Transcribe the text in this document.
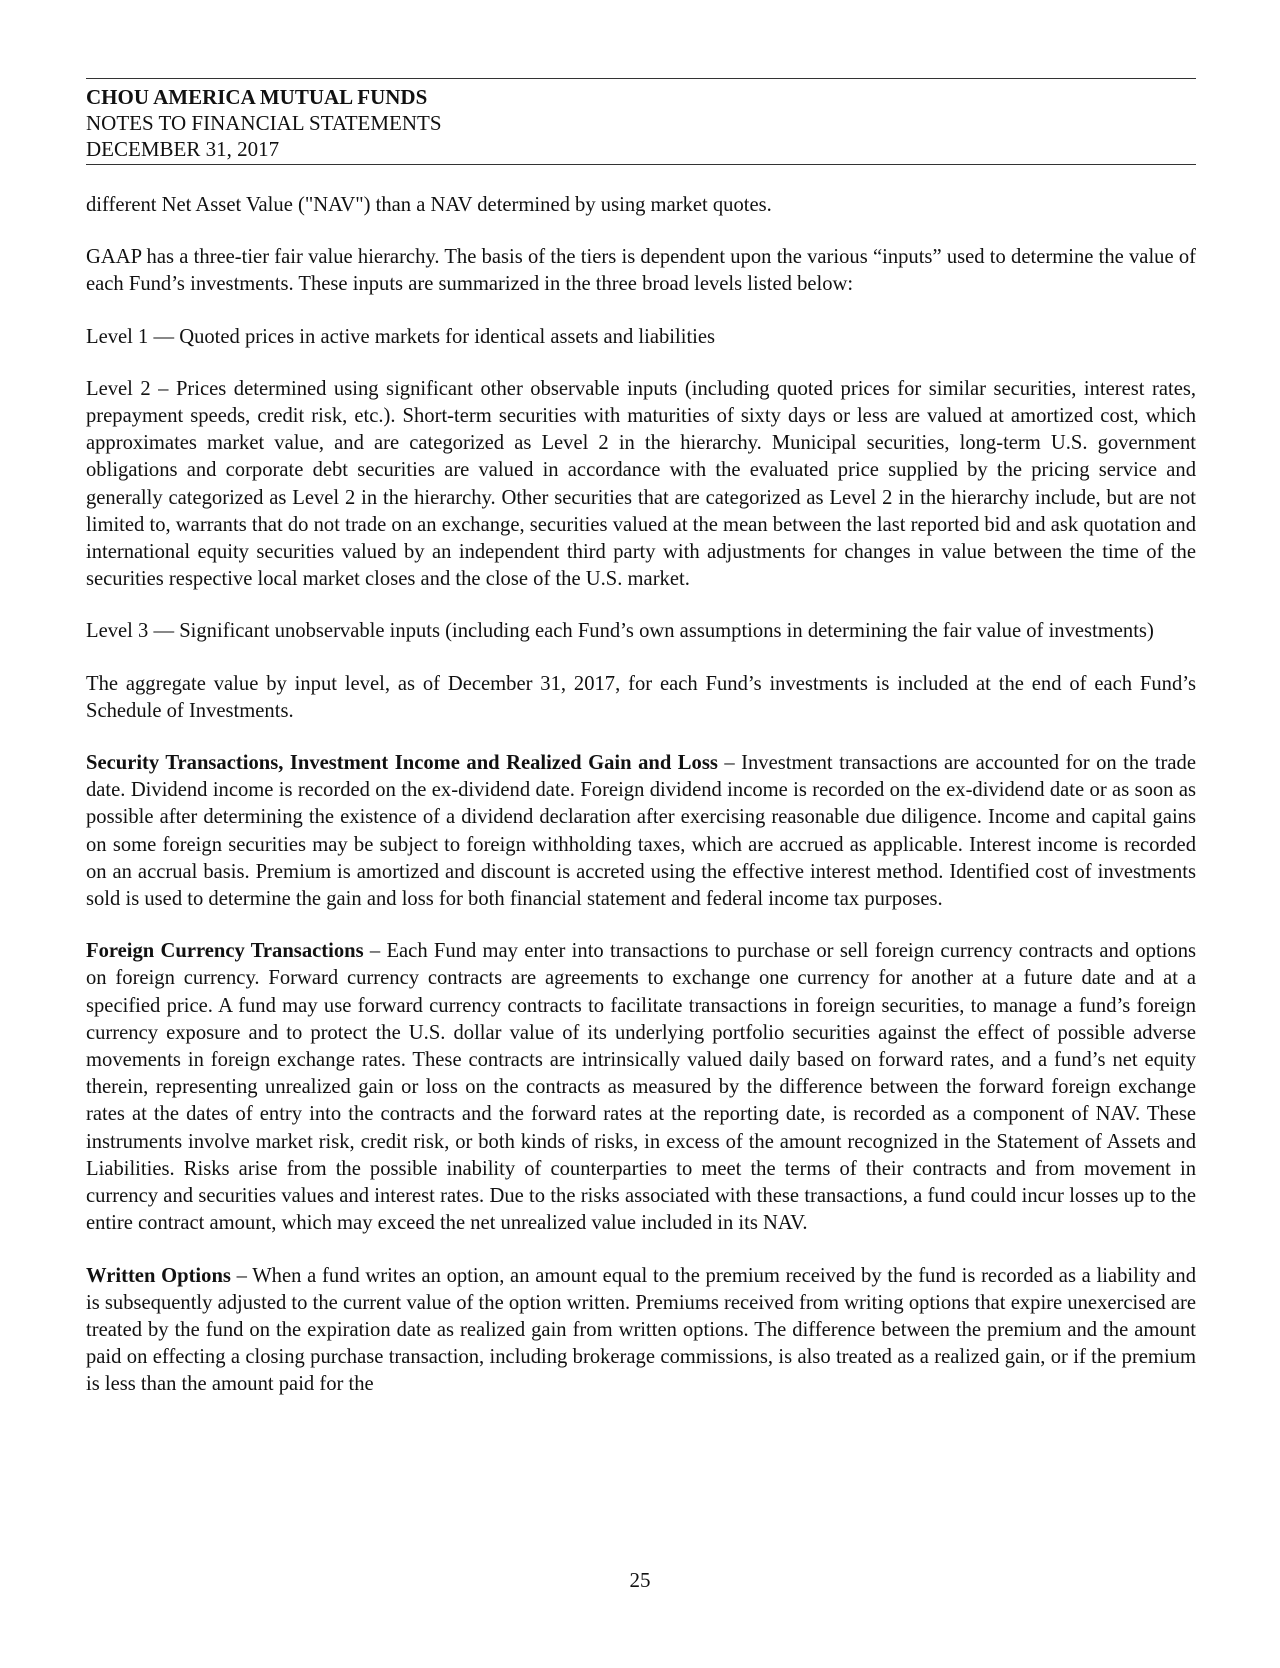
CHOU AMERICA MUTUAL FUNDS
NOTES TO FINANCIAL STATEMENTS
DECEMBER 31, 2017

different Net Asset Value ("NAV") than a NAV determined by using market quotes.

GAAP has a three-tier fair value hierarchy. The basis of the tiers is dependent upon the various “inputs” used to determine the value of each Fund’s investments. These inputs are summarized in the three broad levels listed below:

Level 1 — Quoted prices in active markets for identical assets and liabilities

Level 2 – Prices determined using significant other observable inputs (including quoted prices for similar securities, interest rates, prepayment speeds, credit risk, etc.). Short-term securities with maturities of sixty days or less are valued at amortized cost, which approximates market value, and are categorized as Level 2 in the hierarchy. Municipal securities, long-term U.S. government obligations and corporate debt securities are valued in accordance with the evaluated price supplied by the pricing service and generally categorized as Level 2 in the hierarchy. Other securities that are categorized as Level 2 in the hierarchy include, but are not limited to, warrants that do not trade on an exchange, securities valued at the mean between the last reported bid and ask quotation and international equity securities valued by an independent third party with adjustments for changes in value between the time of the securities respective local market closes and the close of the U.S. market.

Level 3 — Significant unobservable inputs (including each Fund’s own assumptions in determining the fair value of investments)

The aggregate value by input level, as of December 31, 2017, for each Fund’s investments is included at the end of each Fund’s Schedule of Investments.

Security Transactions, Investment Income and Realized Gain and Loss – Investment transactions are accounted for on the trade date. Dividend income is recorded on the ex-dividend date. Foreign dividend income is recorded on the ex-dividend date or as soon as possible after determining the existence of a dividend declaration after exercising reasonable due diligence. Income and capital gains on some foreign securities may be subject to foreign withholding taxes, which are accrued as applicable. Interest income is recorded on an accrual basis. Premium is amortized and discount is accreted using the effective interest method. Identified cost of investments sold is used to determine the gain and loss for both financial statement and federal income tax purposes.

Foreign Currency Transactions – Each Fund may enter into transactions to purchase or sell foreign currency contracts and options on foreign currency. Forward currency contracts are agreements to exchange one currency for another at a future date and at a specified price. A fund may use forward currency contracts to facilitate transactions in foreign securities, to manage a fund’s foreign currency exposure and to protect the U.S. dollar value of its underlying portfolio securities against the effect of possible adverse movements in foreign exchange rates. These contracts are intrinsically valued daily based on forward rates, and a fund’s net equity therein, representing unrealized gain or loss on the contracts as measured by the difference between the forward foreign exchange rates at the dates of entry into the contracts and the forward rates at the reporting date, is recorded as a component of NAV. These instruments involve market risk, credit risk, or both kinds of risks, in excess of the amount recognized in the Statement of Assets and Liabilities. Risks arise from the possible inability of counterparties to meet the terms of their contracts and from movement in currency and securities values and interest rates. Due to the risks associated with these transactions, a fund could incur losses up to the entire contract amount, which may exceed the net unrealized value included in its NAV.

Written Options – When a fund writes an option, an amount equal to the premium received by the fund is recorded as a liability and is subsequently adjusted to the current value of the option written. Premiums received from writing options that expire unexercised are treated by the fund on the expiration date as realized gain from written options. The difference between the premium and the amount paid on effecting a closing purchase transaction, including brokerage commissions, is also treated as a realized gain, or if the premium is less than the amount paid for the

25
